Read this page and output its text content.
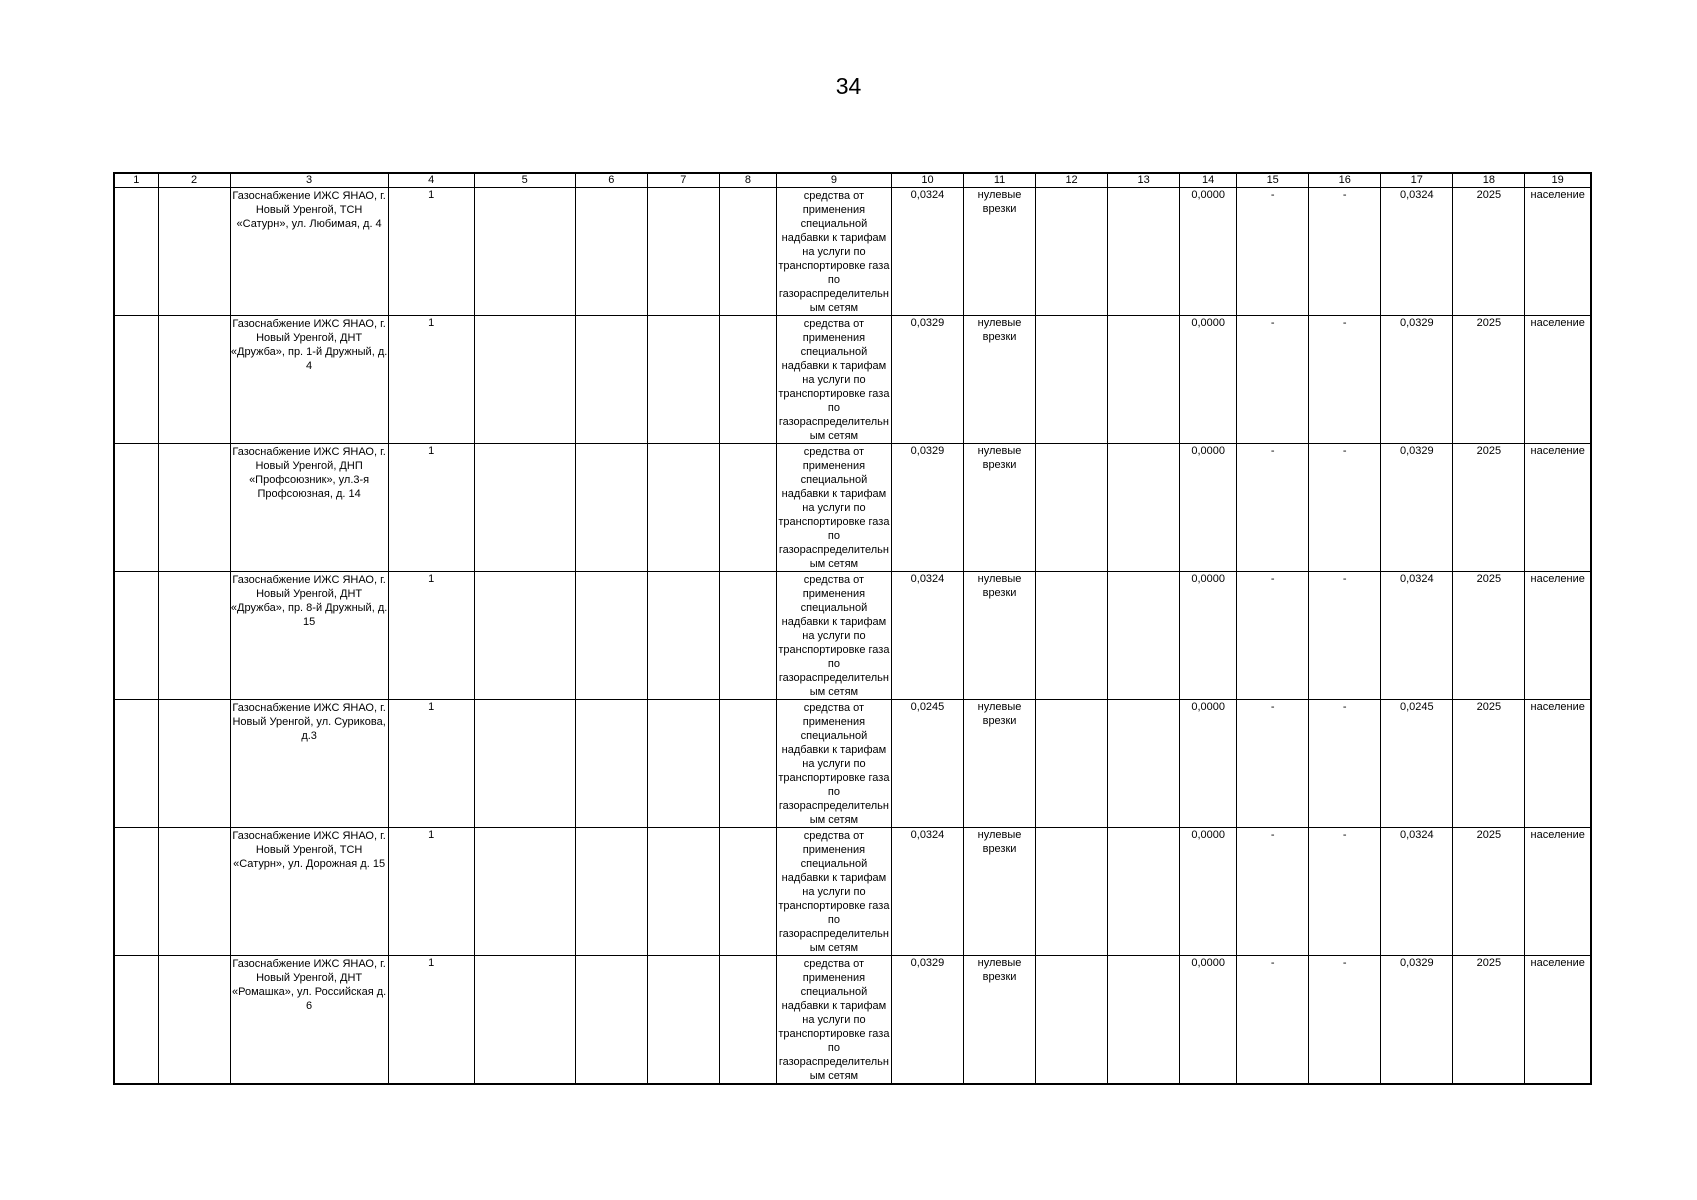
34
1	2	3	4	5	6	7	8	9	10	11	12	13	14	15	16	17	18	19
		Газоснабжение ИЖС ЯНАО, г. Новый Уренгой, ТСН «Сатурн», ул. Любимая, д. 4	1					средства от применения специальной надбавки к тарифам на услуги по транспортировке газа по газораспределительным сетям	0,0324	нулевые врезки			0,0000	-	-	0,0324	2025	население
		Газоснабжение ИЖС ЯНАО, г. Новый Уренгой, ДНТ «Дружба», пр. 1-й Дружный, д. 4	1					средства от применения специальной надбавки к тарифам на услуги по транспортировке газа по газораспределительным сетям	0,0329	нулевые врезки			0,0000	-	-	0,0329	2025	население
		Газоснабжение ИЖС ЯНАО, г. Новый Уренгой, ДНП «Профсоюзник», ул.3-я Профсоюзная, д. 14	1					средства от применения специальной надбавки к тарифам на услуги по транспортировке газа по газораспределительным сетям	0,0329	нулевые врезки			0,0000	-	-	0,0329	2025	население
		Газоснабжение ИЖС ЯНАО, г. Новый Уренгой, ДНТ «Дружба», пр. 8-й Дружный, д. 15	1					средства от применения специальной надбавки к тарифам на услуги по транспортировке газа по газораспределительным сетям	0,0324	нулевые врезки			0,0000	-	-	0,0324	2025	население
		Газоснабжение ИЖС ЯНАО, г. Новый Уренгой, ул. Сурикова, д.3	1					средства от применения специальной надбавки к тарифам на услуги по транспортировке газа по газораспределительным сетям	0,0245	нулевые врезки			0,0000	-	-	0,0245	2025	население
		Газоснабжение ИЖС ЯНАО, г. Новый Уренгой, ТСН «Сатурн», ул. Дорожная д. 15	1					средства от применения специальной надбавки к тарифам на услуги по транспортировке газа по газораспределительным сетям	0,0324	нулевые врезки			0,0000	-	-	0,0324	2025	население
		Газоснабжение ИЖС ЯНАО, г. Новый Уренгой, ДНТ «Ромашка», ул. Российская д. 6	1					средства от применения специальной надбавки к тарифам на услуги по транспортировке газа по газораспределительным сетям	0,0329	нулевые врезки			0,0000	-	-	0,0329	2025	население
